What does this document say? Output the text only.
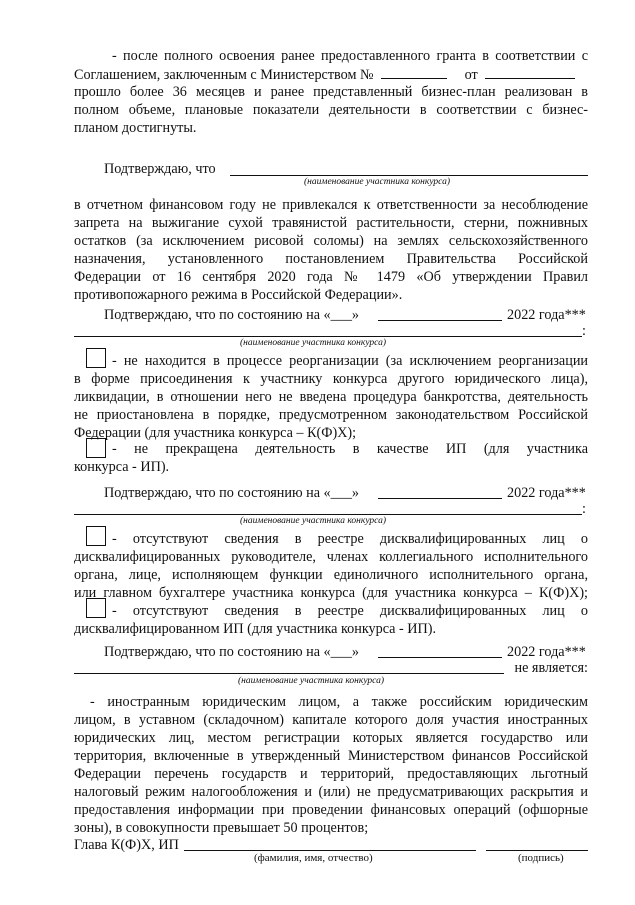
- после полного освоения ранее предоставленного гранта в соответствии с
Соглашением, заключенным с Министерством №	от
прошло более 36 месяцев и ранее представленный бизнес-план реализован в
полном объеме, плановые показатели деятельности в соответствии с бизнес-
планом достигнуты.
Подтверждаю, что
(наименование участника конкурса)
в отчетном финансовом году не привлекался к ответственности за несоблюдение
запрета на выжигание сухой травянистой растительности, стерни, пожнивных
остатков (за исключением рисовой соломы) на землях сельскохозяйственного
назначения, установленного постановлением Правительства Российской
Федерации от 16 сентября 2020 года № 1479 «Об утверждении Правил
противопожарного режима в Российской Федерации».
Подтверждаю, что по состоянию на «___»	2022 года***
:
(наименование участника конкурса)
- не находится в процессе реорганизации (за исключением реорганизации
в форме присоединения к участнику конкурса другого юридического лица),
ликвидации, в отношении него не введена процедура банкротства, деятельность
не приостановлена в порядке, предусмотренном законодательством Российской
Федерации (для участника конкурса – К(Ф)Х);
- не прекращена деятельность в качестве ИП (для участника
конкурса - ИП).
Подтверждаю, что по состоянию на «___»	2022 года***
:
(наименование участника конкурса)
- отсутствуют сведения в реестре дисквалифицированных лиц о
дисквалифицированных руководителе, членах коллегиального исполнительного
органа, лице, исполняющем функции единоличного исполнительного органа,
или главном бухгалтере участника конкурса (для участника конкурса – К(Ф)Х);
- отсутствуют сведения в реестре дисквалифицированных лиц о
дисквалифицированном ИП (для участника конкурса - ИП).
Подтверждаю, что по состоянию на «___»	2022 года***
не является:
(наименование участника конкурса)
- иностранным юридическим лицом, а также российским юридическим
лицом, в уставном (складочном) капитале которого доля участия иностранных
юридических лиц, местом регистрации которых является государство или
территория, включенные в утвержденный Министерством финансов Российской
Федерации перечень государств и территорий, предоставляющих льготный
налоговый режим налогообложения и (или) не предусматривающих раскрытия и
предоставления информации при проведении финансовых операций (офшорные
зоны), в совокупности превышает 50 процентов;
Глава К(Ф)Х, ИП
(фамилия, имя, отчество)	(подпись)
